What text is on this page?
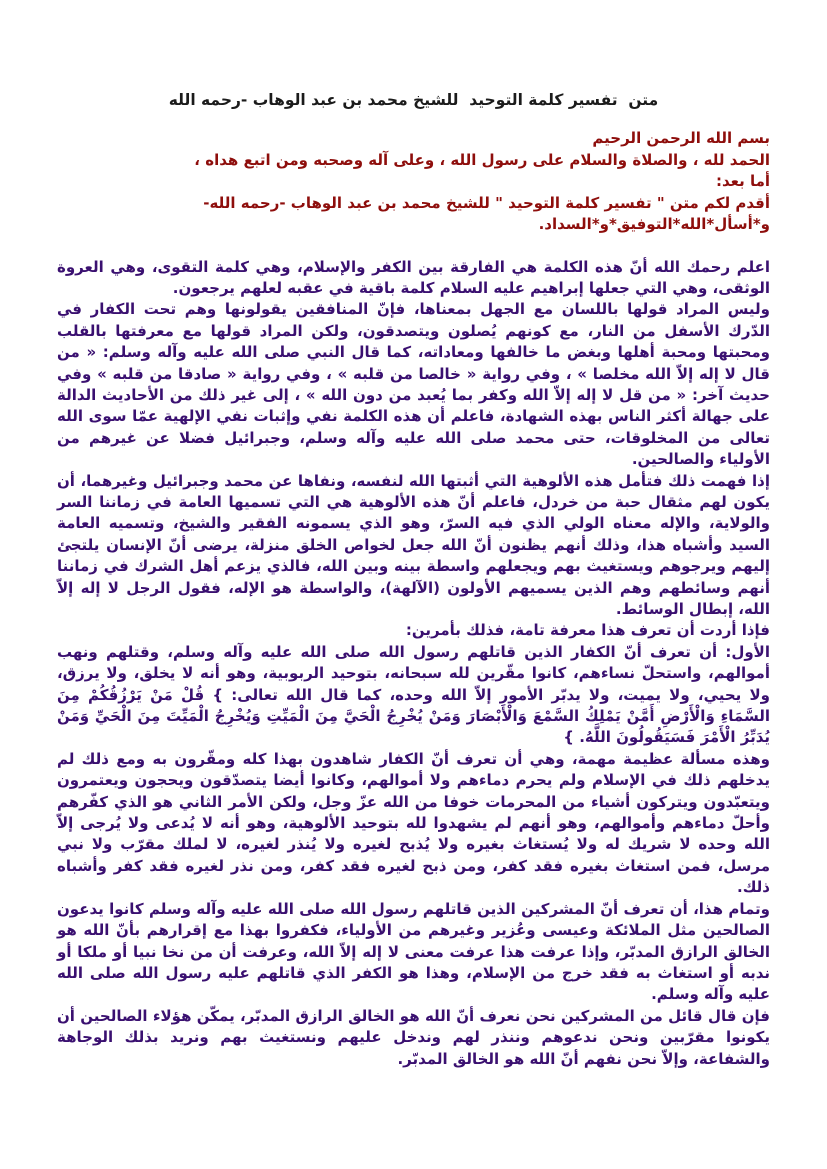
متن  تفسير كلمة التوحيد  للشيخ محمد بن عبد الوهاب -رحمه الله

بسم الله الرحمن الرحيم

الحمد لله ، والصلاة والسلام على رسول الله ، وعلى آله وصحبه ومن اتبع هداه ،

أما بعد:

أقدم لكم متن " تفسير كلمة التوحيد " للشيخ محمد بن عبد الوهاب -رحمه الله-

و*أسأل*الله*التوفيق*و*السداد.

اعلم رحمك الله أنّ هذه الكلمة هي الفارقة بين الكفر والإسلام، وهي كلمة التقوى، وهي العروة الوثقى، وهي التي جعلها إبراهيم عليه السلام كلمة باقية في عقبه لعلهم يرجعون.

وليس المراد قولها باللسان مع الجهل بمعناها، فإنّ المنافقين يقولونها وهم تحت الكفار في الدّرك الأسفل من النار، مع كونهم يُصلون ويتصدقون، ولكن المراد قولها مع معرفتها بالقلب ومحبتها ومحبة أهلها وبغض ما خالفها ومعاداته، كما قال النبي صلى الله عليه وآله وسلم: « من قال لا إله إلاّ الله مخلصا » ، وفي رواية « خالصا من قلبه » ، وفي رواية « صادقا من قلبه » وفي حديث آخر: « من قل لا إله إلاّ الله وكفر بما يُعبد من دون الله » ، إلى غير ذلك من الأحاديث الدالة على جهالة أكثر الناس بهذه الشهادة، فاعلم أن هذه الكلمة نفي وإثبات نفي الإلهية عمّا سوى الله تعالى من المخلوقات، حتى محمد صلى الله عليه وآله وسلم، وجبرائيل فضلا عن غيرهم من الأولياء والصالحين.

إذا فهمت ذلك فتأمل هذه الألوهية التي أثبتها الله لنفسه، ونفاها عن محمد وجبرائيل وغيرهما، أن يكون لهم مثقال حبة من خردل، فاعلم أنّ هذه الألوهية هي التي تسميها العامة في زماننا السر والولاية، والإله معناه الولي الذي فيه السرّ، وهو الذي يسمونه الفقير والشيخ، وتسميه العامة السيد وأشباه هذا، وذلك أنهم يظنون أنّ الله جعل لخواص الخلق منزلة، يرضى أنّ الإنسان يلتجئ إليهم ويرجوهم ويستغيث بهم ويجعلهم واسطة بينه وبين الله، فالذي يزعم أهل الشرك في زماننا أنهم وسائطهم وهم الذين يسميهم الأولون (الآلهة)، والواسطة هو الإله، فقول الرجل لا إله إلاّ الله، إبطال الوسائط.

فإذا أردت أن تعرف هذا معرفة تامة، فذلك بأمرين:

الأول: أن تعرف أنّ الكفار الذين قاتلهم رسول الله صلى الله عليه وآله وسلم، وقتلهم ونهب أموالهم، واستحلّ نساءهم، كانوا مقّرين لله سبحانه، بتوحيد الربوبية، وهو أنه لا يخلق، ولا يرزق، ولا يحيي، ولا يميت، ولا يدبّر الأمور إلاّ الله وحده، كما قال الله تعالى: } قُلْ مَنْ يَرْزُقُكُمْ مِنَ السَّمَاءِ وَالْأَرْضِ أَمَّنْ يَمْلِكُ السَّمْعَ وَالْأَبْصَارَ وَمَنْ يُخْرِجُ الْحَيَّ مِنَ الْمَيِّتِ وَيُخْرِجُ الْمَيِّتَ مِنَ الْحَيِّ وَمَنْ يُدَبِّرُ الْأَمْرَ فَسَيَقُولُونَ اللَّهُ. }

وهذه مسألة عظيمة مهمة، وهي أن تعرف أنّ الكفار شاهدون بهذا كله ومقّرون به ومع ذلك لم يدخلهم ذلك في الإسلام ولم يحرم دماءهم ولا أموالهم، وكانوا أيضا يتصدّقون ويحجون ويعتمرون ويتعبّدون ويتركون أشياء من المحرمات خوفا من الله عزّ وجل، ولكن الأمر الثاني هو الذي كفّرهم وأحلّ دماءهم وأموالهم، وهو أنهم لم يشهدوا لله بتوحيد الألوهية، وهو أنه لا يُدعى ولا يُرجى إلاّ الله وحده لا شريك له ولا يُستغاث بغيره ولا يُذبح لغيره ولا يُنذر لغيره، لا لملك مقرّب ولا نبي مرسل، فمن استغاث بغيره فقد كفر، ومن ذبح لغيره فقد كفر، ومن نذر لغيره فقد كفر وأشباه ذلك.

وتمام هذا، أن تعرف أنّ المشركين الذين قاتلهم رسول الله صلى الله عليه وآله وسلم كانوا يدعون الصالحين مثل الملائكة وعيسى وعُزير وغيرهم من الأولياء، فكفروا بهذا مع إقرارهم بأنّ الله هو الخالق الرازق المدبّر، وإذا عرفت هذا عرفت معنى لا إله إلاّ الله، وعرفت أن من نخا نبيا أو ملكا أو ندبه أو استغاث به فقد خرج من الإسلام، وهذا هو الكفر الذي قاتلهم عليه رسول الله صلى الله عليه وآله وسلم.

فإن قال قائل من المشركين نحن نعرف أنّ الله هو الخالق الرازق المدبّر، يمكّن هؤلاء الصالحين أن يكونوا مقرّبين ونحن ندعوهم وننذر لهم وندخل عليهم ونستغيث بهم ونريد بذلك الوجاهة والشفاعة، وإلاّ نحن نفهم أنّ الله هو الخالق المدبّر.
